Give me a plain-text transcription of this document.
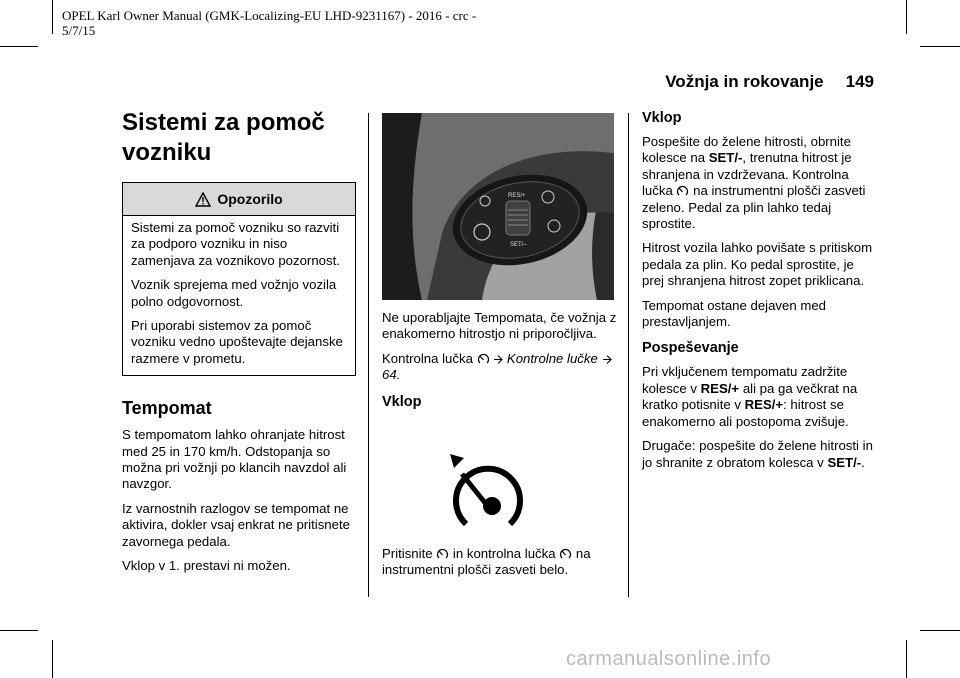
OPEL Karl Owner Manual (GMK-Localizing-EU LHD-9231167) - 2016 - crc -
5/7/15
Vožnja in rokovanje 149
Sistemi za pomoč
vozniku
Opozorilo

Sistemi za pomoč vozniku so razviti za podporo vozniku in niso zamenjava za voznikovo pozornost.

Voznik sprejema med vožnjo vozila polno odgovornost.

Pri uporabi sistemov za pomoč vozniku vedno upoštevajte dejanske razmere v prometu.

Tempomat

S tempomatom lahko ohranjate hitrost med 25 in 170 km/h. Odstopanja so možna pri vožnji po klancih navzdol ali navzgor.

Iz varnostnih razlogov se tempomat ne aktivira, dokler vsaj enkrat ne pritisnete zavornega pedala.

Vklop v 1. prestavi ni možen.

RES/+
SET/–

Ne uporabljajte Tempomata, če vožnja z enakomerno hitrostjo ni priporočljiva.

Kontrolna lučka	Kontrolne lučke  64.

Vklop

Pritisnite in kontrolna lučka na instrumentni plošči zasveti belo.

Vklop

Pospešite do želene hitrosti, obrnite kolesce na SET/-, trenutna hitrost je shranjena in vzdrževana. Kontrolna lučka na instrumentni plošči zasveti zeleno. Pedal za plin lahko tedaj sprostite.

Hitrost vozila lahko povišate s pritiskom pedala za plin. Ko pedal sprostite, je prej shranjena hitrost zopet priklicana.

Tempomat ostane dejaven med prestavljanjem.

Pospeševanje

Pri vključenem tempomatu zadržite kolesce v RES/+ ali pa ga večkrat na kratko potisnite v RES/+: hitrost se enakomerno ali postopoma zvišuje.

Drugače: pospešite do želene hitrosti in jo shranite z obratom kolesca v SET/-.

carmanualsonline.info
